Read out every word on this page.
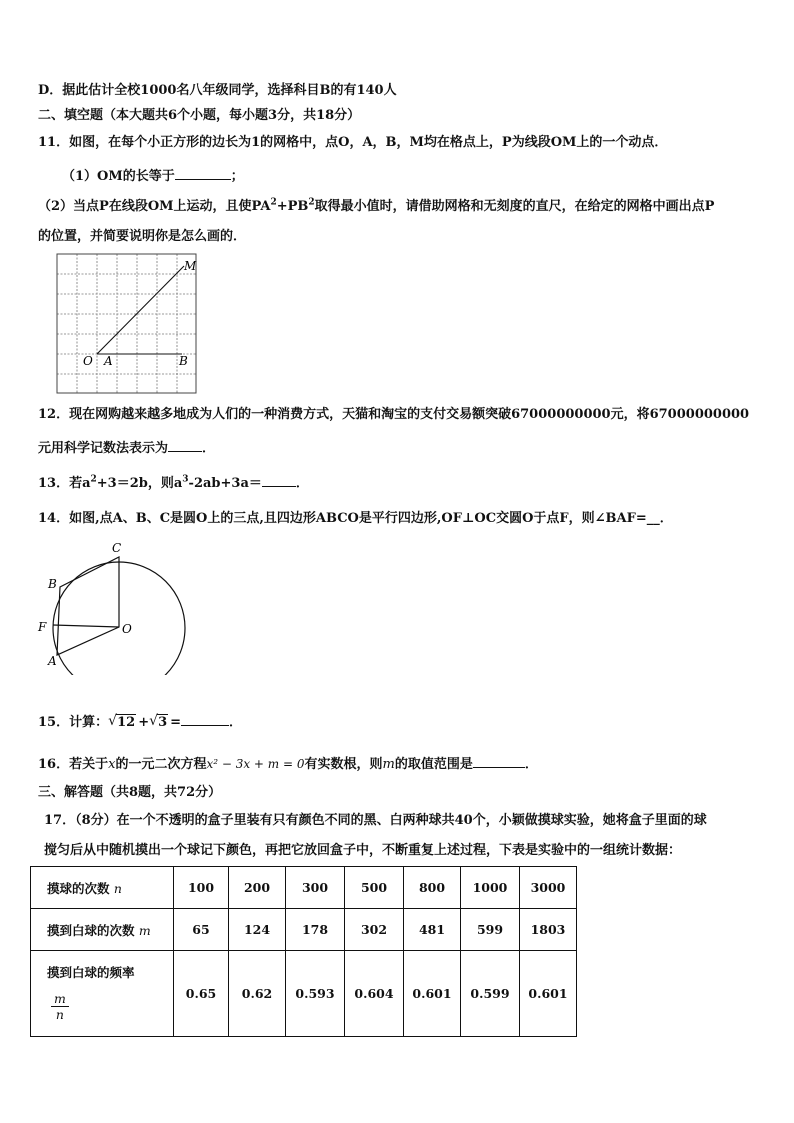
D．据此估计全校1000名八年级同学，选择科目B的有140人
二、填空题（本大题共6个小题，每小题3分，共18分）
11．如图，在每个小正方形的边长为1的网格中，点O，A，B，M均在格点上，P为线段OM上的一个动点．
（1）OM的长等于	；
（2）当点P在线段OM上运动，且使$PA^2+PB^2$取得最小值时，请借助网格和无刻度的直尺，在给定的网格中画出点P
的位置，并简要说明你是怎么画的．
M
O A	B
12．现在网购越来越多地成为人们的一种消费方式，天猫和淘宝的支付交易额突破67000000000元，将67000000000
元用科学记数法表示为	．
13．若$a^2+3=2b$，则$a^3-2ab+3a=$	．
14．如图,点A、B、C是圆O上的三点,且四边形ABCO是平行四边形,OF⊥OC交圆O于点F，则∠BAF=__．
C
B
F	O
A
15．计算： √ 12 + √ 3 =	．
16．若关于x的一元二次方程x² − 3x + m = 0有实数根，则m的取值范围是	．
三、解答题（共8题，共72分）
17．（8分）在一个不透明的盒子里装有只有颜色不同的黑、白两种球共40个，小颖做摸球实验，她将盒子里面的球
搅匀后从中随机摸出一个球记下颜色，再把它放回盒子中，不断重复上述过程，下表是实验中的一组统计数据：
摸球的次数 n	100	200	300	500	800	1000	3000
摸到白球的次数 m	65	124	178	302	481	599	1803

摸到白球的频率
$\frac{m}{n}$	0.65	0.62	0.593	0.604	0.601	0.599	0.601
